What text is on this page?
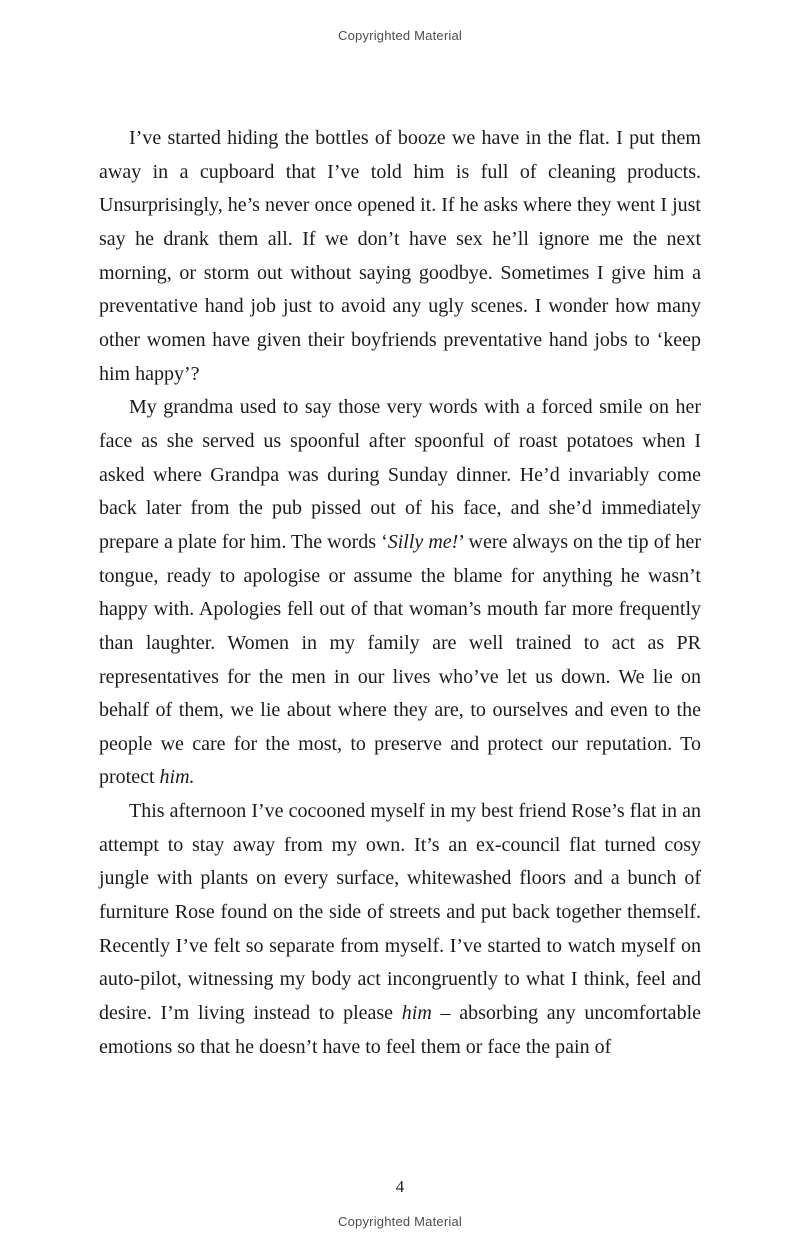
Copyrighted Material

I’ve started hiding the bottles of booze we have in the flat. I put them away in a cupboard that I’ve told him is full of cleaning products. Unsurprisingly, he’s never once opened it. If he asks where they went I just say he drank them all. If we don’t have sex he’ll ignore me the next morning, or storm out without saying goodbye. Sometimes I give him a preventative hand job just to avoid any ugly scenes. I wonder how many other women have given their boyfriends preventative hand jobs to ‘keep him happy’?

My grandma used to say those very words with a forced smile on her face as she served us spoonful after spoonful of roast potatoes when I asked where Grandpa was during Sunday dinner. He’d invariably come back later from the pub pissed out of his face, and she’d immediately prepare a plate for him. The words ‘Silly me!’ were always on the tip of her tongue, ready to apologise or assume the blame for anything he wasn’t happy with. Apologies fell out of that woman’s mouth far more frequently than laughter. Women in my family are well trained to act as PR representatives for the men in our lives who’ve let us down. We lie on behalf of them, we lie about where they are, to ourselves and even to the people we care for the most, to preserve and protect our reputation. To protect him.

This afternoon I’ve cocooned myself in my best friend Rose’s flat in an attempt to stay away from my own. It’s an ex-council flat turned cosy jungle with plants on every surface, whitewashed floors and a bunch of furniture Rose found on the side of streets and put back together themself. Recently I’ve felt so separate from myself. I’ve started to watch myself on auto-pilot, witnessing my body act incongruently to what I think, feel and desire. I’m living instead to please him – absorbing any uncomfortable emotions so that he doesn’t have to feel them or face the pain of

4
Copyrighted Material
